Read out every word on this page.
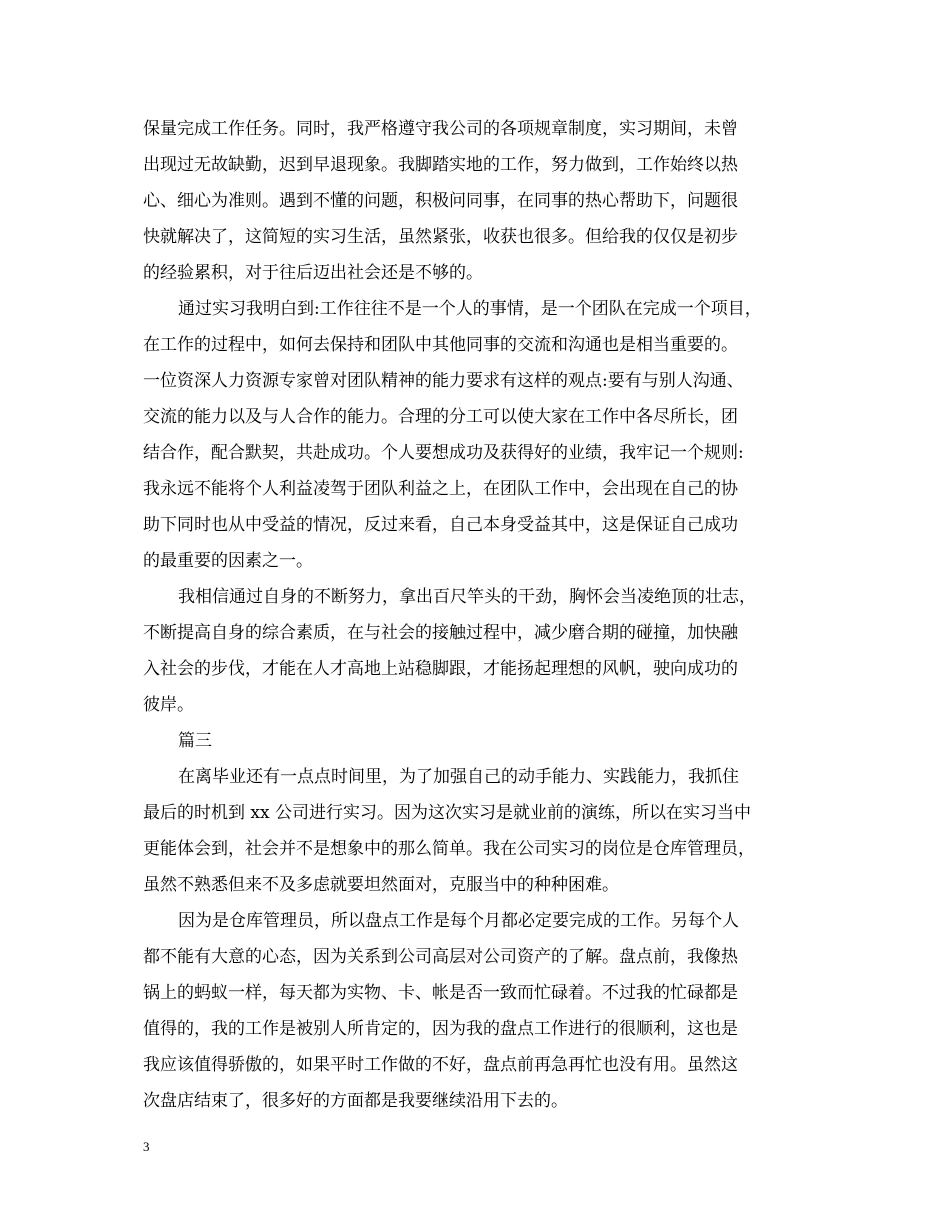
保量完成工作任务。同时，我严格遵守我公司的各项规章制度，实习期间，未曾
出现过无故缺勤，迟到早退现象。我脚踏实地的工作，努力做到，工作始终以热
心、细心为准则。遇到不懂的问题，积极问同事，在同事的热心帮助下，问题很
快就解决了，这简短的实习生活，虽然紧张，收获也很多。但给我的仅仅是初步
的经验累积，对于往后迈出社会还是不够的。
通过实习我明白到:工作往往不是一个人的事情，是一个团队在完成一个项目，
在工作的过程中，如何去保持和团队中其他同事的交流和沟通也是相当重要的。
一位资深人力资源专家曾对团队精神的能力要求有这样的观点:要有与别人沟通、
交流的能力以及与人合作的能力。合理的分工可以使大家在工作中各尽所长，团
结合作，配合默契，共赴成功。个人要想成功及获得好的业绩，我牢记一个规则:
我永远不能将个人利益凌驾于团队利益之上，在团队工作中，会出现在自己的协
助下同时也从中受益的情况，反过来看，自己本身受益其中，这是保证自己成功
的最重要的因素之一。
我相信通过自身的不断努力，拿出百尺竿头的干劲，胸怀会当凌绝顶的壮志，
不断提高自身的综合素质，在与社会的接触过程中，减少磨合期的碰撞，加快融
入社会的步伐，才能在人才高地上站稳脚跟，才能扬起理想的风帆，驶向成功的
彼岸。
篇三
在离毕业还有一点点时间里，为了加强自己的动手能力、实践能力，我抓住
最后的时机到 xx 公司进行实习。因为这次实习是就业前的演练，所以在实习当中
更能体会到，社会并不是想象中的那么简单。我在公司实习的岗位是仓库管理员，
虽然不熟悉但来不及多虑就要坦然面对，克服当中的种种困难。
因为是仓库管理员，所以盘点工作是每个月都必定要完成的工作。另每个人
都不能有大意的心态，因为关系到公司高层对公司资产的了解。盘点前，我像热
锅上的蚂蚁一样，每天都为实物、卡、帐是否一致而忙碌着。不过我的忙碌都是
值得的，我的工作是被别人所肯定的，因为我的盘点工作进行的很顺利，这也是
我应该值得骄傲的，如果平时工作做的不好，盘点前再急再忙也没有用。虽然这
次盘店结束了，很多好的方面都是我要继续沿用下去的。
3
